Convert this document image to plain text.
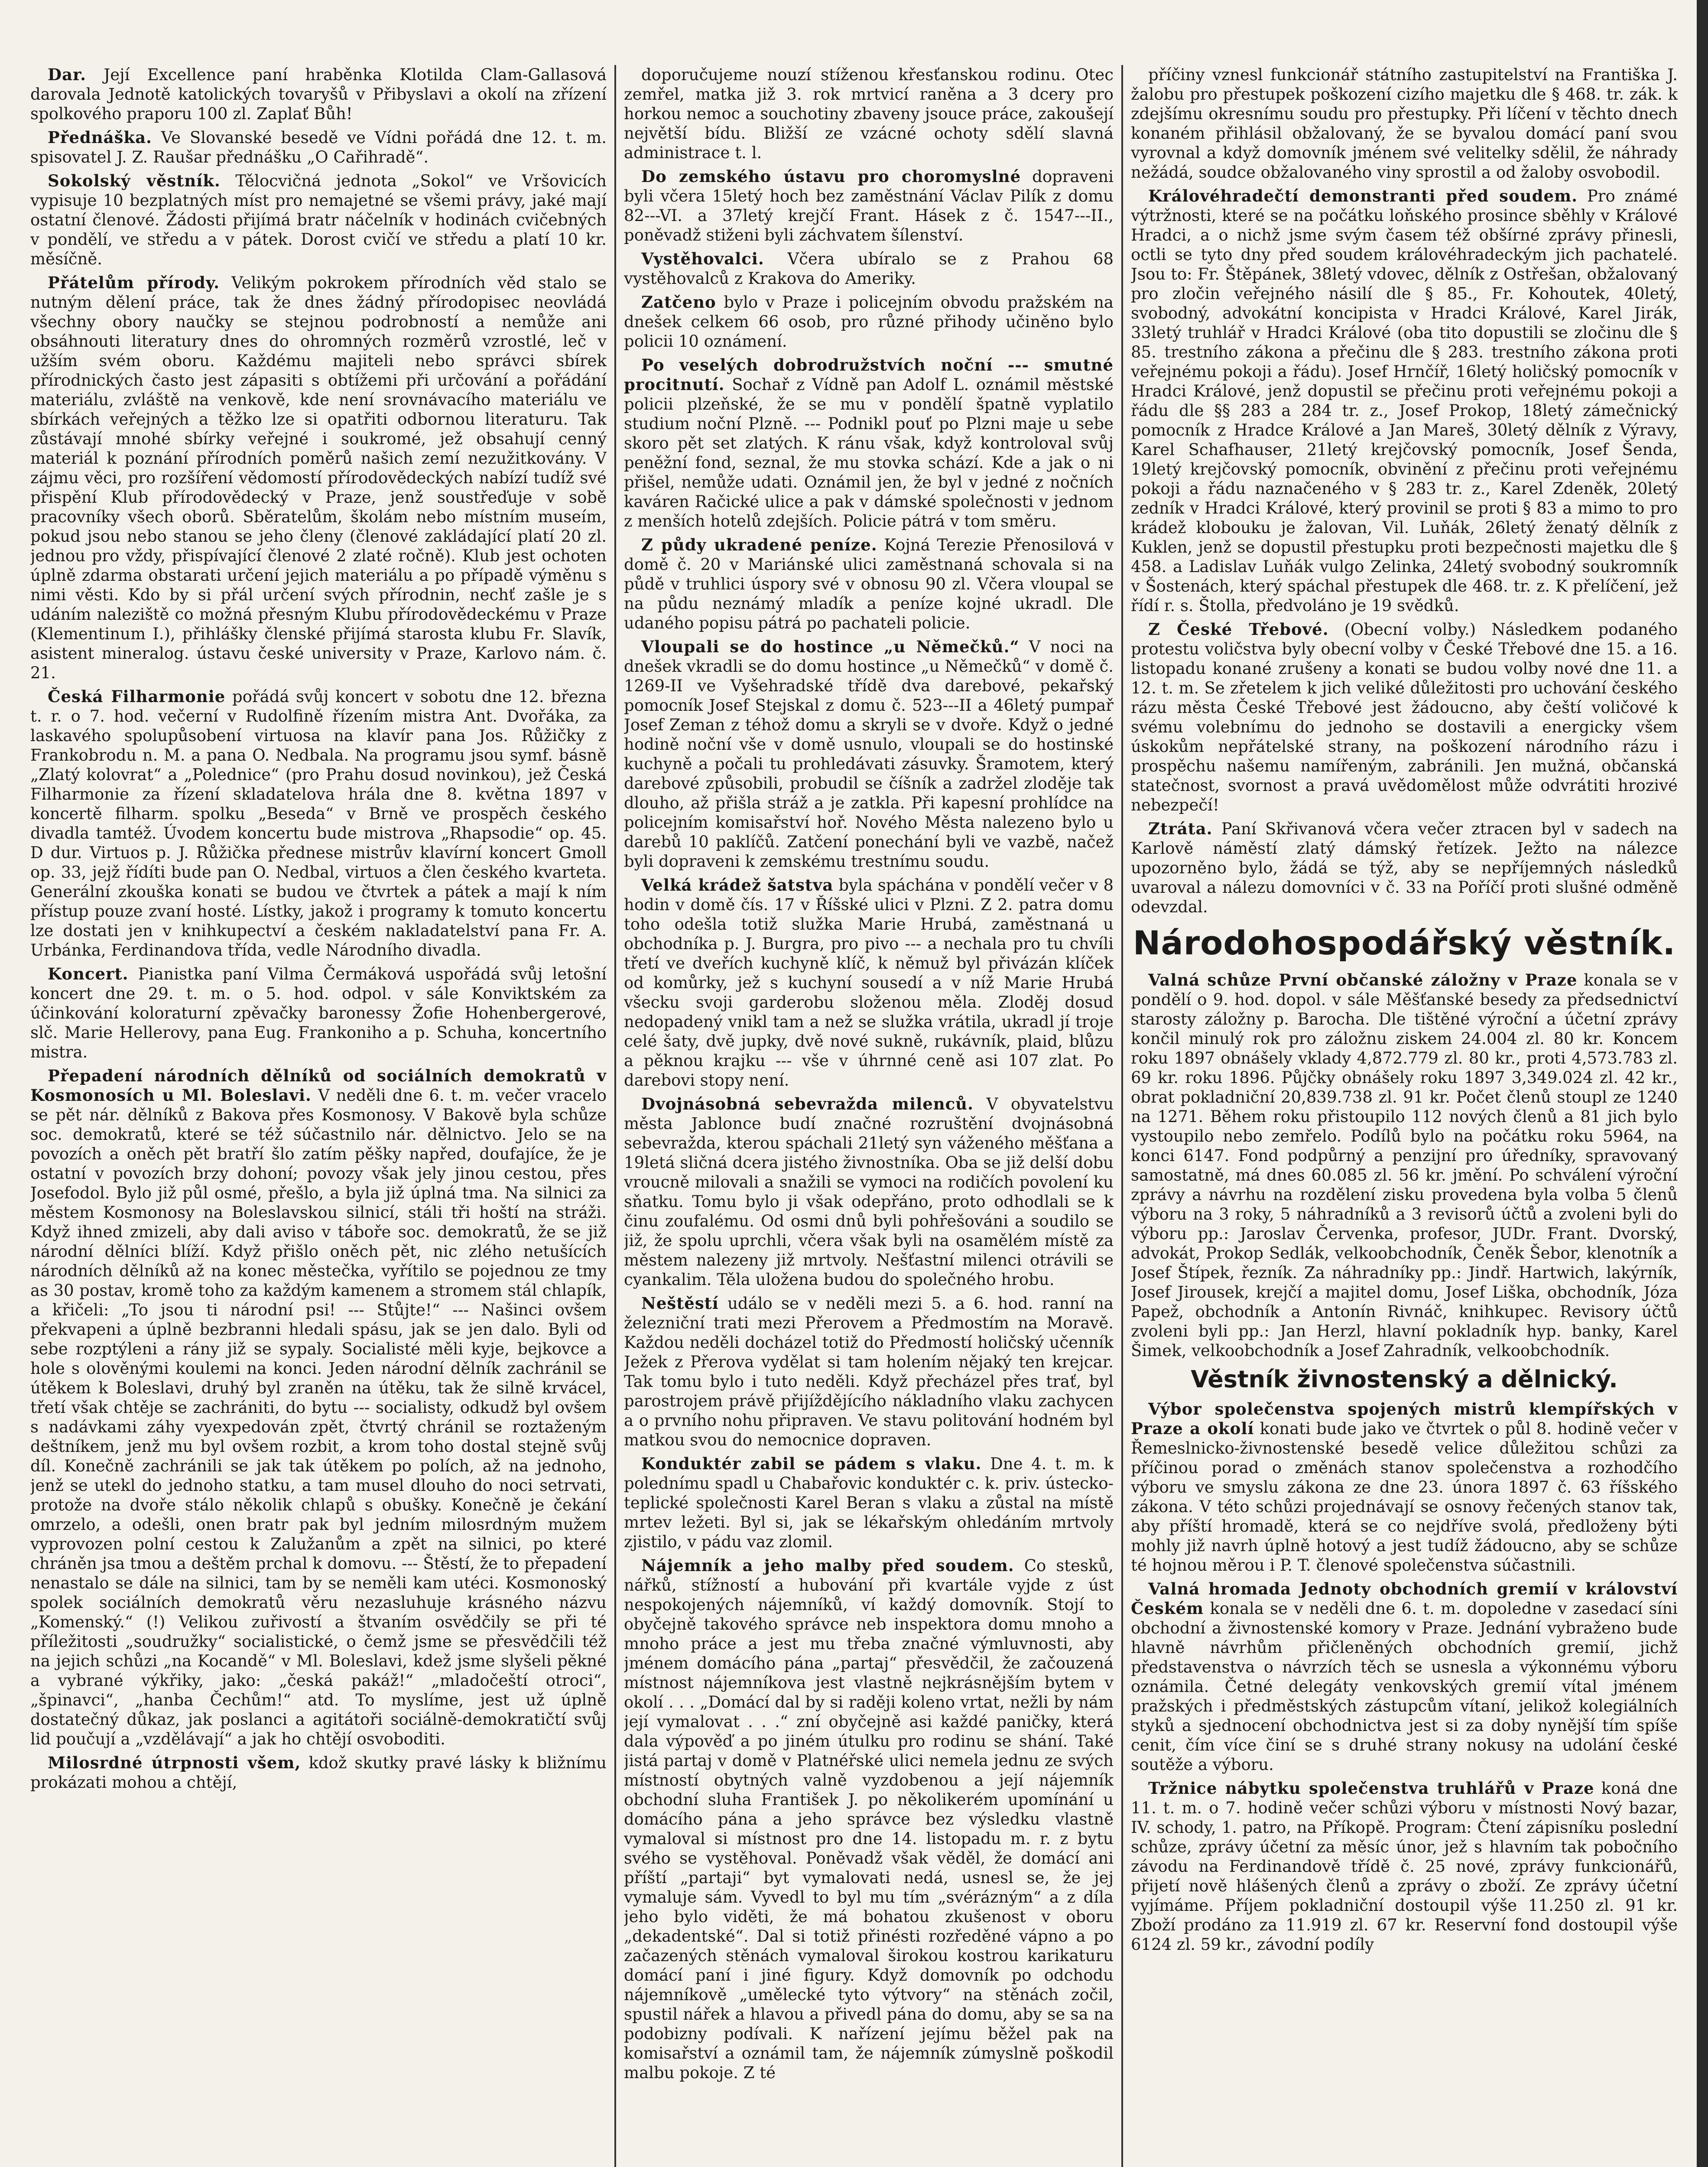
Dar. Její Excellence paní hraběnka Klotilda Clam-Gallasová darovala Jednotě katolických tovaryšů v Přibyslavi a okolí na zřízení spolkového praporu 100 zl. Zaplať Bůh!

Přednáška. Ve Slovanské besedě ve Vídni pořádá dne 12. t. m. spisovatel J. Z. Raušar přednášku „O Cařihradě“.

Sokolský věstník. Tělocvičná jednota „Sokol“ ve Vršovicích vypisuje 10 bezplatných míst pro nemajetné se všemi právy, jaké mají ostatní členové. Žádosti přijímá bratr náčelník v hodinách cvičebných v pondělí, ve středu a v pátek. Dorost cvičí ve středu a platí 10 kr. měsíčně.

Přátelům přírody. Velikým pokrokem přírodních věd stalo se nutným dělení práce, tak že dnes žádný přírodopisec neovládá všechny obory naučky se stejnou podrobností a nemůže ani obsáhnouti literatury dnes do ohromných rozměrů vzrostlé, leč v užším svém oboru. Každému majiteli nebo správci sbírek přírodnických často jest zápasiti s obtížemi při určování a pořádání materiálu, zvláště na venkově, kde není srovnávacího materiálu ve sbírkách veřejných a těžko lze si opatřiti odbornou literaturu. Tak zůstávají mnohé sbírky veřejné i soukromé, jež obsahují cenný materiál k poznání přírodních poměrů našich zemí nezužitkovány. V zájmu věci, pro rozšíření vědomostí přírodovědeckých nabízí tudíž své přispění Klub přírodovědecký v Praze, jenž soustřeďuje v sobě pracovníky všech oborů. Sběratelům, školám nebo místním museím, pokud jsou nebo stanou se jeho členy (členové zakládající platí 20 zl. jednou pro vždy, přispívající členové 2 zlaté ročně). Klub jest ochoten úplně zdarma obstarati určení jejich materiálu a po případě výměnu s nimi věsti. Kdo by si přál určení svých přírodnin, nechť zašle je s udáním naleziště co možná přesným Klubu přírodovědeckému v Praze (Klementinum I.), přihlášky členské přijímá starosta klubu Fr. Slavík, asistent mineralog. ústavu české university v Praze, Karlovo nám. č. 21.

Česká Filharmonie pořádá svůj koncert v sobotu dne 12. března t. r. o 7. hod. večerní v Rudolfině řízením mistra Ant. Dvořáka, za laskavého spolupůsobení virtuosa na klavír pana Jos. Růžičky z Frankobrodu n. M. a pana O. Nedbala. Na programu jsou symf. básně „Zlatý kolovrat“ a „Polednice“ (pro Prahu dosud novinkou), jež Česká Filharmonie za řízení skladatelova hrála dne 8. května 1897 v koncertě filharm. spolku „Beseda“ v Brně ve prospěch českého divadla tamtéž. Úvodem koncertu bude mistrova „Rhapsodie“ op. 45. D dur. Virtuos p. J. Růžička přednese mistrův klavírní koncert Gmoll op. 33, jejž řídíti bude pan O. Nedbal, virtuos a člen českého kvarteta. Generální zkouška konati se budou ve čtvrtek a pátek a mají k ním přístup pouze zvaní hosté. Lístky, jakož i programy k tomuto koncertu lze dostati jen v knihkupectví a českém nakladatelství pana Fr. A. Urbánka, Ferdinandova třída, vedle Národního divadla.

Koncert. Pianistka paní Vilma Čermáková uspořádá svůj letošní koncert dne 29. t. m. o 5. hod. odpol. v sále Konviktském za účinkování koloraturní zpěvačky baronessy Žofie Hohenbergerové, slč. Marie Hellerovy, pana Eug. Frankoniho a p. Schuha, koncertního mistra.

Přepadení národních dělníků od sociálních demokratů v Kosmonosích u Ml. Boleslavi. V neděli dne 6. t. m. večer vracelo se pět nár. dělníků z Bakova přes Kosmonosy. V Bakově byla schůze soc. demokratů, které se též súčastnilo nár. dělnictvo. Jelo se na povozích a oněch pět bratří šlo zatím pěšky napřed, doufajíce, že je ostatní v povozích brzy dohoní; povozy však jely jinou cestou, přes Josefodol. Bylo již půl osmé, přešlo, a byla již úplná tma. Na silnici za městem Kosmonosy na Boleslavskou silnicí, stáli tři hoští na stráži. Když ihned zmizeli, aby dali aviso v táboře soc. demokratů, že se již národní dělníci blíží. Když přišlo oněch pět, nic zlého netušících národních dělníků až na konec městečka, vyřítilo se pojednou ze tmy as 30 postav, kromě toho za každým kamenem a stromem stál chlapík, a křičeli: „To jsou ti národní psi! --- Stůjte!“ --- Našinci ovšem překvapeni a úplně bezbranni hledali spásu, jak se jen dalo. Byli od sebe rozptýleni a rány již se sypaly. Socialisté měli kyje, bejkovce a hole s olověnými koulemi na konci. Jeden národní dělník zachránil se útěkem k Boleslavi, druhý byl zraněn na útěku, tak že silně krvácel, třetí však chtěje se zachrániti, do bytu --- socialisty, odkudž byl ovšem s nadávkami záhy vyexpedován zpět, čtvrtý chránil se roztaženým deštníkem, jenž mu byl ovšem rozbit, a krom toho dostal stejně svůj díl. Konečně zachránili se jak tak útěkem po polích, až na jednoho, jenž se utekl do jednoho statku, a tam musel dlouho do noci setrvati, protože na dvoře stálo několik chlapů s obušky. Konečně je čekání omrzelo, a odešli, onen bratr pak byl jedním milosrdným mužem vyprovozen polní cestou k Zalužanům a zpět na silnici, po které chráněn jsa tmou a deštěm prchal k domovu. --- Štěstí, že to přepadení nenastalo se dále na silnici, tam by se neměli kam utéci. Kosmonoský spolek sociálních demokratů věru nezasluhuje krásného názvu „Komenský.“ (!) Velikou zuřivostí a štvaním osvědčily se při té příležitosti „soudružky“ socialistické, o čemž jsme se přesvědčili též na jejich schůzi „na Kocandě“ v Ml. Boleslavi, kdež jsme slyšeli pěkné a vybrané výkřiky, jako: „česká pakáž!“ „mladočeští otroci“, „špinavci“, „hanba Čechům!“ atd. To myslíme, jest už úplně dostatečný důkaz, jak poslanci a agitátoři sociálně-demokratičtí svůj lid poučují a „vzdělávají“ a jak ho chtějí osvoboditi.

Milosrdné útrpnosti všem, kdož skutky pravé lásky k bližnímu prokázati mohou a chtějí,

doporučujeme nouzí stíženou křesťanskou rodinu. Otec zemřel, matka již 3. rok mrtvicí raněna a 3 dcery pro horkou nemoc a souchotiny zbaveny jsouce práce, zakoušejí největší bídu. Bližší ze vzácné ochoty sdělí slavná administrace t. l.

Do zemského ústavu pro choromyslné dopraveni byli včera 15letý hoch bez zaměstnání Václav Pilík z domu 82---VI. a 37letý krejčí Frant. Hásek z č. 1547---II., poněvadž stiženi byli záchvatem šílenství.

Vystěhovalci. Včera ubíralo se z Prahou 68 vystěhovalců z Krakova do Ameriky.

Zatčeno bylo v Praze i policejním obvodu pražském na dnešek celkem 66 osob, pro různé přihody učiněno bylo policii 10 oznámení.

Po veselých dobrodružstvích noční --- smutné procitnutí. Sochař z Vídně pan Adolf L. oznámil městské policii plzeňské, že se mu v pondělí špatně vyplatilo studium noční Plzně. --- Podnikl pouť po Plzni maje u sebe skoro pět set zlatých. K ránu však, když kontroloval svůj peněžní fond, seznal, že mu stovka schází. Kde a jak o ni přišel, nemůže udati. Oznámil jen, že byl v jedné z nočních kaváren Račické ulice a pak v dámské společnosti v jednom z menších hotelů zdejších. Policie pátrá v tom směru.

Z půdy ukradené peníze. Kojná Terezie Přenosilová v domě č. 20 v Mariánské ulici zaměstnaná schovala si na půdě v truhlici úspory své v obnosu 90 zl. Včera vloupal se na půdu neznámý mladík a peníze kojné ukradl. Dle udaného popisu pátrá po pachateli policie.

Vloupali se do hostince „u Němečků.“ V noci na dnešek vkradli se do domu hostince „u Němečků“ v domě č. 1269-II ve Vyšehradské třídě dva darebové, pekařský pomocník Josef Stejskal z domu č. 523---II a 46letý pumpař Josef Zeman z téhož domu a skryli se v dvoře. Když o jedné hodině noční vše v domě usnulo, vloupali se do hostinské kuchyně a počali tu prohledávati zásuvky. Šramotem, který darebové způsobili, probudil se číšník a zadržel zloděje tak dlouho, až přišla stráž a je zatkla. Při kapesní prohlídce na policejním komisařství hoř. Nového Města nalezeno bylo u darebů 10 paklíčů. Zatčení ponechání byli ve vazbě, načež byli dopraveni k zemskému trestnímu soudu.

Velká krádež šatstva byla spáchána v pondělí večer v 8 hodin v domě čís. 17 v Říšské ulici v Plzni. Z 2. patra domu toho odešla totiž služka Marie Hrubá, zaměstnaná u obchodníka p. J. Burgra, pro pivo --- a nechala pro tu chvíli třetí ve dveřích kuchyně klíč, k němuž byl přivázán klíček od komůrky, jež s kuchyní sousedí a v níž Marie Hrubá všecku svoji garderobu složenou měla. Zloděj dosud nedopadený vnikl tam a než se služka vrátila, ukradl jí troje celé šaty, dvě jupky, dvě nové sukně, rukávník, plaid, blůzu a pěknou krajku --- vše v úhrnné ceně asi 107 zlat. Po darebovi stopy není.

Dvojnásobná sebevražda milenců. V obyvatelstvu města Jablonce budí značné rozruštění dvojnásobná sebevražda, kterou spáchali 21letý syn váženého měšťana a 19letá sličná dcera jistého živnostníka. Oba se již delší dobu vroucně milovali a snažili se vymoci na rodičích povolení ku sňatku. Tomu bylo ji však odepřáno, proto odhodlali se k činu zoufalému. Od osmi dnů byli pohřešováni a soudilo se již, že spolu uprchli, včera však byli na osamělém místě za městem nalezeny již mrtvoly. Nešťastní milenci otrávili se cyankalim. Těla uložena budou do společného hrobu.

Neštěstí událo se v neděli mezi 5. a 6. hod. ranní na železniční trati mezi Přerovem a Předmostím na Moravě. Každou neděli docházel totiž do Předmostí holičský učenník Ježek z Přerova vydělat si tam holením nějaký ten krejcar. Tak tomu bylo i tuto neděli. Když přecházel přes trať, byl parostrojem právě přijíždějícího nákladního vlaku zachycen a o prvního nohu připraven. Ve stavu politování hodném byl matkou svou do nemocnice dopraven.

Konduktér zabil se pádem s vlaku. Dne 4. t. m. k polednímu spadl u Chabařovic konduktér c. k. priv. ústecko-teplické společnosti Karel Beran s vlaku a zůstal na místě mrtev ležeti. Byl si, jak se lékařským ohledáním mrtvoly zjistilo, v pádu vaz zlomil.

Nájemník a jeho malby před soudem. Co stesků, nářků, stížností a hubování při kvartále vyjde z úst nespokojených nájemníků, ví každý domovník. Stojí to obyčejně takového správce neb inspektora domu mnoho a mnoho práce a jest mu třeba značné výmluvnosti, aby jménem domácího pána „partaj“ přesvědčil, že začouzená místnost nájemníkova jest vlastně nejkrásnějším bytem v okolí . . . „Domácí dal by si raději koleno vrtat, nežli by nám její vymalovat . . .“ zní obyčejně asi každé paničky, která dala výpověď a po jiném útulku pro rodinu se shání. Také jistá partaj v domě v Platnéřské ulici nemela jednu ze svých místností obytných valně vyzdobenou a její nájemník obchodní sluha František J. po několikerém upomínání u domácího pána a jeho správce bez výsledku vlastně vymaloval si místnost pro dne 14. listopadu m. r. z bytu svého se vystěhoval. Poněvadž však věděl, že domácí ani příští „partaji“ byt vymalovati nedá, usnesl se, že jej vymaluje sám. Vyvedl to byl mu tím „svérázným“ a z díla jeho bylo viděti, že má bohatou zkušenost v oboru „dekadentské“. Dal si totiž přinésti rozředěné vápno a po začazených stěnách vymaloval širokou kostrou karikaturu domácí paní i jiné figury. Když domovník po odchodu nájemníkově „umělecké tyto výtvory“ na stěnách zočil, spustil nářek a hlavou a přivedl pána do domu, aby se sa na podobizny podívali. K nařízení jejímu běžel pak na komisařství a oznámil tam, že nájemník zúmyslně poškodil malbu pokoje. Z té

příčiny vznesl funkcionář státního zastupitelství na Františka J. žalobu pro přestupek poškození cizího majetku dle § 468. tr. zák. k zdejšímu okresnímu soudu pro přestupky. Při líčení v těchto dnech konaném přihlásil obžalovaný, že se byvalou domácí paní svou vyrovnal a když domovník jménem své velitelky sdělil, že náhrady nežádá, soudce obžalovaného viny sprostil a od žaloby osvobodil.

Královéhradečtí demonstranti před soudem. Pro známé výtržnosti, které se na počátku loňského prosince sběhly v Králové Hradci, a o nichž jsme svým časem též obšírné zprávy přinesli, octli se tyto dny před soudem královéhradeckým jich pachatelé. Jsou to: Fr. Štěpánek, 38letý vdovec, dělník z Ostřešan, obžalovaný pro zločin veřejného násilí dle § 85., Fr. Kohoutek, 40letý, svobodný, advokátní koncipista v Hradci Králové, Karel Jirák, 33letý truhlář v Hradci Králové (oba tito dopustili se zločinu dle § 85. trestního zákona a přečinu dle § 283. trestního zákona proti veřejnému pokoji a řádu). Josef Hrnčíř, 16letý holičský pomocník v Hradci Králové, jenž dopustil se přečinu proti veřejnému pokoji a řádu dle §§ 283 a 284 tr. z., Josef Prokop, 18letý zámečnický pomocník z Hradce Králové a Jan Mareš, 30letý dělník z Výravy, Karel Schafhauser, 21letý krejčovský pomocník, Josef Šenda, 19letý krejčovský pomocník, obvinění z přečinu proti veřejnému pokoji a řádu naznačeného v § 283 tr. z., Karel Zdeněk, 20letý zedník v Hradci Králové, který provinil se proti § 83 a mimo to pro krádež klobouku je žalovan, Vil. Luňák, 26letý ženatý dělník z Kuklen, jenž se dopustil přestupku proti bezpečnosti majetku dle § 458. a Ladislav Luňák vulgo Zelinka, 24letý svobodný soukromník v Šostenách, který spáchal přestupek dle 468. tr. z. K přelíčení, jež řídí r. s. Štolla, předvoláno je 19 svědků.

Z České Třebové. (Obecní volby.) Následkem podaného protestu voličstva byly obecní volby v České Třebové dne 15. a 16. listopadu konané zrušeny a konati se budou volby nové dne 11. a 12. t. m. Se zřetelem k jich veliké důležitosti pro uchování českého rázu města České Třebové jest žádoucno, aby čeští voličové k svému volebnímu do jednoho se dostavili a energicky všem úskokům nepřátelské strany, na poškození národního rázu i prospěchu našemu namířeným, zabránili. Jen mužná, občanská statečnost, svornost a pravá uvědomělost může odvrátiti hrozivé nebezpečí!

Ztráta. Paní Skřivanová včera večer ztracen byl v sadech na Karlově náměstí zlatý dámský řetízek. Ježto na nálezce upozorněno bylo, žádá se týž, aby se nepříjemných následků uvaroval a nálezu domovníci v č. 33 na Poříčí proti slušné odměně odevzdal.

Národohospodářský věstník.

Valná schůze První občanské záložny v Praze konala se v pondělí o 9. hod. dopol. v sále Měšťanské besedy za předsednictví starosty záložny p. Barocha. Dle tištěné výroční a účetní zprávy končil minulý rok pro záložnu ziskem 24.004 zl. 80 kr. Koncem roku 1897 obnášely vklady 4,872.779 zl. 80 kr., proti 4,573.783 zl. 69 kr. roku 1896. Půjčky obnášely roku 1897 3,349.024 zl. 42 kr., obrat pokladniční 20,839.738 zl. 91 kr. Počet členů stoupl ze 1240 na 1271. Během roku přistoupilo 112 nových členů a 81 jich bylo vystoupilo nebo zemřelo. Podílů bylo na počátku roku 5964, na konci 6147. Fond podpůrný a penzijní pro úředníky, spravovaný samostatně, má dnes 60.085 zl. 56 kr. jmění. Po schválení výroční zprávy a návrhu na rozdělení zisku provedena byla volba 5 členů výboru na 3 roky, 5 náhradníků a 3 revisorů účtů a zvoleni byli do výboru pp.: Jaroslav Červenka, profesor, JUDr. Frant. Dvorský, advokát, Prokop Sedlák, velkoobchodník, Čeněk Šebor, klenotník a Josef Štípek, řezník. Za náhradníky pp.: Jindř. Hartwich, lakýrník, Josef Jirousek, krejčí a majitel domu, Josef Liška, obchodník, Józa Papež, obchodník a Antonín Rivnáč, knihkupec. Revisory účtů zvoleni byli pp.: Jan Herzl, hlavní pokladník hyp. banky, Karel Šimek, velkoobchodník a Josef Zahradník, velkoobchodník.

Věstník živnostenský a dělnický.

Výbor společenstva spojených mistrů klempířských v Praze a okolí konati bude jako ve čtvrtek o půl 8. hodině večer v Řemeslnicko-živnostenské besedě velice důležitou schůzi za příčinou porad o změnách stanov společenstva a rozhodčího výboru ve smyslu zákona ze dne 23. února 1897 č. 63 říšského zákona. V této schůzi projednávají se osnovy řečených stanov tak, aby příští hromadě, která se co nejdříve svolá, předloženy býti mohly již navrh úplně hotový a jest tudíž žádoucno, aby se schůze té hojnou měrou i P. T. členové společenstva súčastnili.

Valná hromada Jednoty obchodních gremií v království Českém konala se v neděli dne 6. t. m. dopoledne v zasedací síni obchodní a živnostenské komory v Praze. Jednání vybraženo bude hlavně návrhům přičleněných obchodních gremií, jichž představenstva o návrzích těch se usnesla a výkonnému výboru oznámila. Četné delegáty venkovských gremií vítal jménem pražských i předměstských zástupcům vítaní, jelikož kolegiálních styků a sjednocení obchodnictva jest si za doby nynější tím spíše cenit, čím více činí se s druhé strany nokusy na udolání české soutěže a výboru.

Tržnice nábytku společenstva truhlářů v Praze koná dne 11. t. m. o 7. hodině večer schůzi výboru v místnosti Nový bazar, IV. schody, 1. patro, na Příkopě. Program: Čtení zápisníku poslední schůze, zprávy účetní za měsíc únor, jež s hlavním tak pobočního závodu na Ferdinandově třídě č. 25 nové, zprávy funkcionářů, přijetí nově hlášených členů a zprávy o zboží. Ze zprávy účetní vyjímáme. Příjem pokladniční dostoupil výše 11.250 zl. 91 kr. Zboží prodáno za 11.919 zl. 67 kr. Reservní fond dostoupil výše 6124 zl. 59 kr., závodní podíly
